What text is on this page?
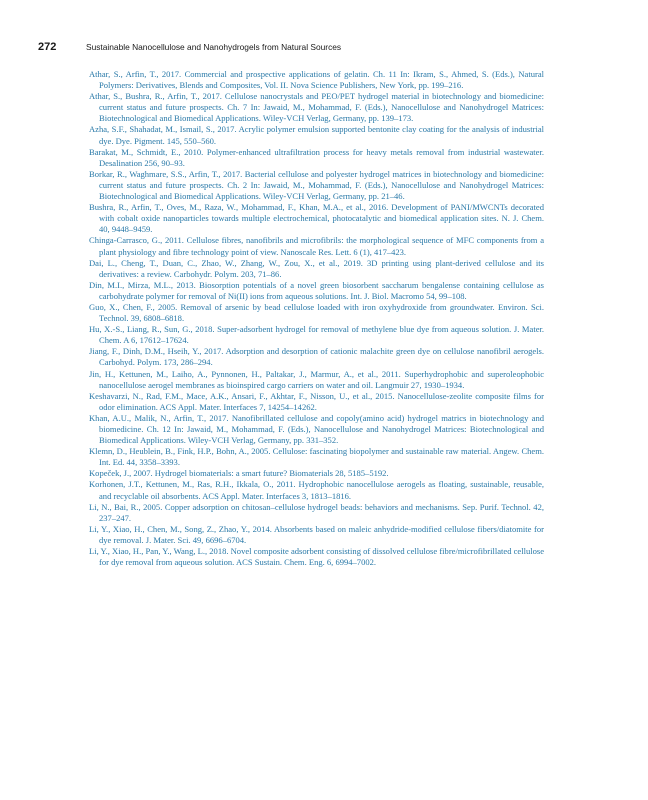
272	Sustainable Nanocellulose and Nanohydrogels from Natural Sources
Athar, S., Arfin, T., 2017. Commercial and prospective applications of gelatin. Ch. 11 In: Ikram, S., Ahmed, S. (Eds.), Natural Polymers: Derivatives, Blends and Composites, Vol. II. Nova Science Publishers, New York, pp. 199–216.
Athar, S., Bushra, R., Arfin, T., 2017. Cellulose nanocrystals and PEO/PET hydrogel material in biotechnology and biomedicine: current status and future prospects. Ch. 7 In: Jawaid, M., Mohammad, F. (Eds.), Nanocellulose and Nanohydrogel Matrices: Biotechnological and Biomedical Applications. Wiley-VCH Verlag, Germany, pp. 139–173.
Azha, S.F., Shahadat, M., Ismail, S., 2017. Acrylic polymer emulsion supported bentonite clay coating for the analysis of industrial dye. Dye. Pigment. 145, 550–560.
Barakat, M., Schmidt, E., 2010. Polymer-enhanced ultrafiltration process for heavy metals removal from industrial wastewater. Desalination 256, 90–93.
Borkar, R., Waghmare, S.S., Arfin, T., 2017. Bacterial cellulose and polyester hydrogel matrices in biotechnology and biomedicine: current status and future prospects. Ch. 2 In: Jawaid, M., Mohammad, F. (Eds.), Nanocellulose and Nanohydrogel Matrices: Biotechnological and Biomedical Applications. Wiley-VCH Verlag, Germany, pp. 21–46.
Bushra, R., Arfin, T., Oves, M., Raza, W., Mohammad, F., Khan, M.A., et al., 2016. Development of PANI/MWCNTs decorated with cobalt oxide nanoparticles towards multiple electrochemical, photocatalytic and biomedical application sites. N. J. Chem. 40, 9448–9459.
Chinga-Carrasco, G., 2011. Cellulose fibres, nanofibrils and microfibrils: the morphological sequence of MFC components from a plant physiology and fibre technology point of view. Nanoscale Res. Lett. 6 (1), 417–423.
Dai, L., Cheng, T., Duan, C., Zhao, W., Zhang, W., Zou, X., et al., 2019. 3D printing using plant-derived cellulose and its derivatives: a review. Carbohydr. Polym. 203, 71–86.
Din, M.I., Mirza, M.L., 2013. Biosorption potentials of a novel green biosorbent saccharum bengalense containing cellulose as carbohydrate polymer for removal of Ni(II) ions from aqueous solutions. Int. J. Biol. Macromo 54, 99–108.
Guo, X., Chen, F., 2005. Removal of arsenic by bead cellulose loaded with iron oxyhydroxide from groundwater. Environ. Sci. Technol. 39, 6808–6818.
Hu, X.-S., Liang, R., Sun, G., 2018. Super-adsorbent hydrogel for removal of methylene blue dye from aqueous solution. J. Mater. Chem. A 6, 17612–17624.
Jiang, F., Dinh, D.M., Hseih, Y., 2017. Adsorption and desorption of cationic malachite green dye on cellulose nanofibril aerogels. Carbohyd. Polym. 173, 286–294.
Jin, H., Kettunen, M., Laiho, A., Pynnonen, H., Paltakar, J., Marmur, A., et al., 2011. Superhydrophobic and superoleophobic nanocellulose aerogel membranes as bioinspired cargo carriers on water and oil. Langmuir 27, 1930–1934.
Keshavarzi, N., Rad, F.M., Mace, A.K., Ansari, F., Akhtar, F., Nisson, U., et al., 2015. Nanocellulose-zeolite composite films for odor elimination. ACS Appl. Mater. Interfaces 7, 14254–14262.
Khan, A.U., Malik, N., Arfin, T., 2017. Nanofibrillated cellulose and copoly(amino acid) hydrogel matrics in biotechnology and biomedicine. Ch. 12 In: Jawaid, M., Mohammad, F. (Eds.), Nanocellulose and Nanohydrogel Matrices: Biotechnological and Biomedical Applications. Wiley-VCH Verlag, Germany, pp. 331–352.
Klemn, D., Heublein, B., Fink, H.P., Bohn, A., 2005. Cellulose: fascinating biopolymer and sustainable raw material. Angew. Chem. Int. Ed. 44, 3358–3393.
Kopeček, J., 2007. Hydrogel biomaterials: a smart future? Biomaterials 28, 5185–5192.
Korhonen, J.T., Kettunen, M., Ras, R.H., Ikkala, O., 2011. Hydrophobic nanocellulose aerogels as floating, sustainable, reusable, and recyclable oil absorbents. ACS Appl. Mater. Interfaces 3, 1813–1816.
Li, N., Bai, R., 2005. Copper adsorption on chitosan–cellulose hydrogel beads: behaviors and mechanisms. Sep. Purif. Technol. 42, 237–247.
Li, Y., Xiao, H., Chen, M., Song, Z., Zhao, Y., 2014. Absorbents based on maleic anhydride-modified cellulose fibers/diatomite for dye removal. J. Mater. Sci. 49, 6696–6704.
Li, Y., Xiao, H., Pan, Y., Wang, L., 2018. Novel composite adsorbent consisting of dissolved cellulose fibre/microfibrillated cellulose for dye removal from aqueous solution. ACS Sustain. Chem. Eng. 6, 6994–7002.
